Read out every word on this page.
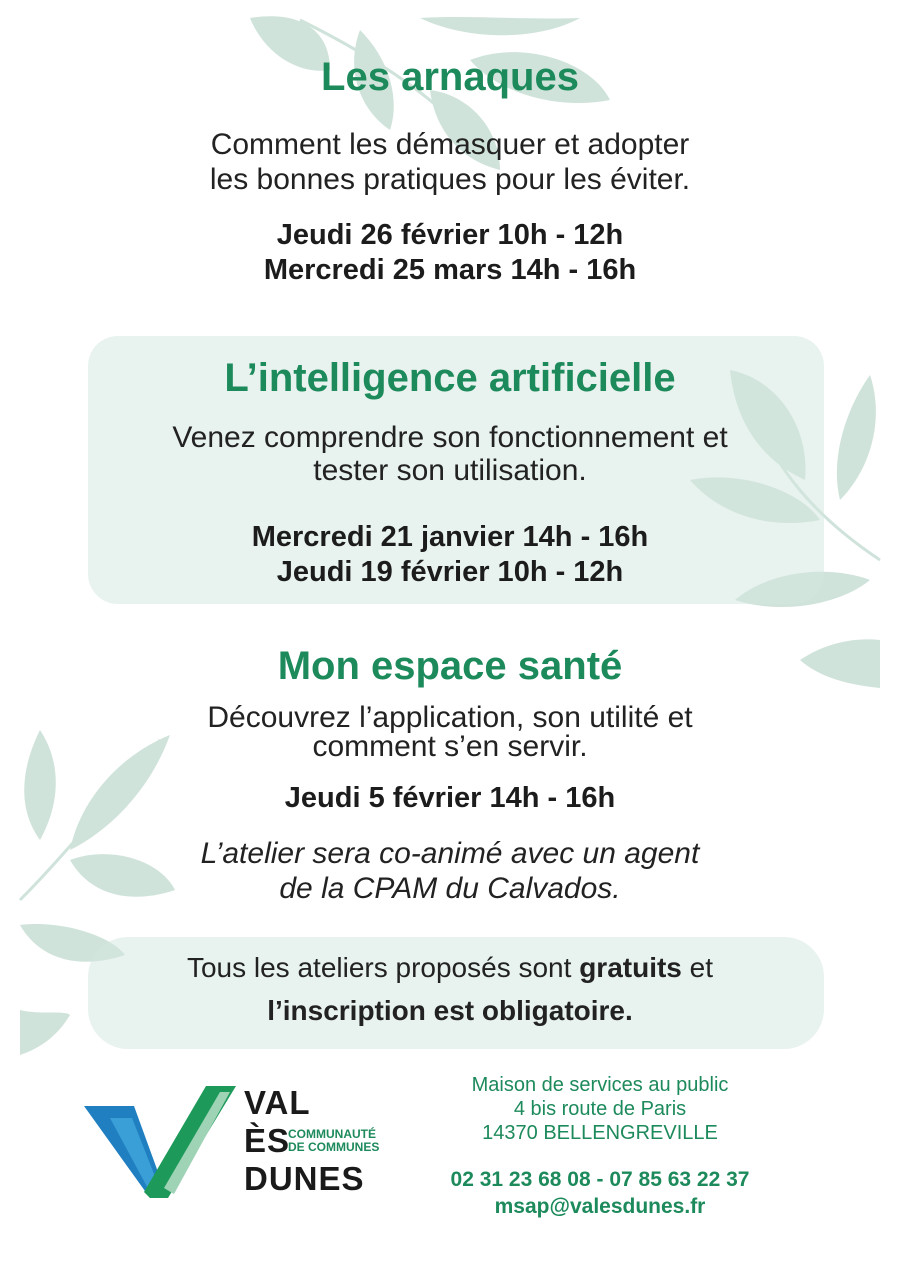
Les arnaques

Comment les démasquer et adopter

les bonnes pratiques pour les éviter.

Jeudi 26 février 10h - 12h

Mercredi 25 mars 14h - 16h

L’intelligence artificielle

Venez comprendre son fonctionnement et

tester son utilisation.

Mercredi 21 janvier 14h - 16h

Jeudi 19 février 10h - 12h

Mon espace santé

Découvrez l’application, son utilité et

comment s’en servir.

Jeudi 5 février 14h - 16h

L’atelier sera co-animé avec un agent

de la CPAM du Calvados.

Tous les ateliers proposés sont gratuits et

l’inscription est obligatoire.

VAL
ÈS
COMMUNAUTÉ
DE COMMUNES
DUNES
Maison de services au public
4 bis route de Paris
14370 BELLENGREVILLE
02 31 23 68 08 - 07 85 63 22 37
msap@valesdunes.fr
